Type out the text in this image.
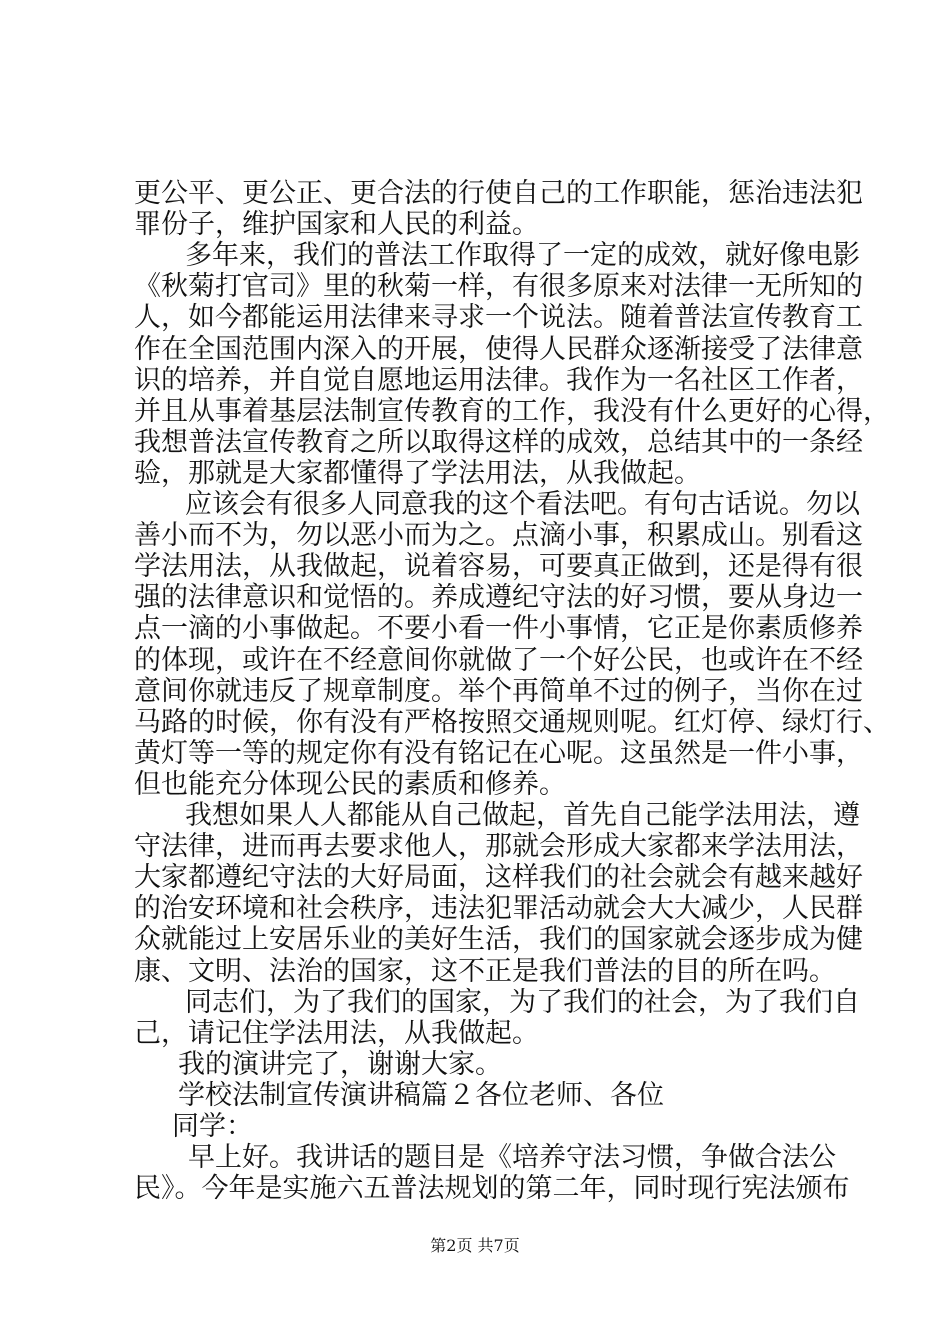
更公平、更公正、更合法的行使自己的工作职能，惩治违法犯

罪份子，维护国家和人民的利益。

多年来，我们的普法工作取得了一定的成效，就好像电影

《秋菊打官司》里的秋菊一样，有很多原来对法律一无所知的

人，如今都能运用法律来寻求一个说法。随着普法宣传教育工

作在全国范围内深入的开展，使得人民群众逐渐接受了法律意

识的培养，并自觉自愿地运用法律。我作为一名社区工作者，

并且从事着基层法制宣传教育的工作，我没有什么更好的心得，

我想普法宣传教育之所以取得这样的成效，总结其中的一条经

验，那就是大家都懂得了学法用法，从我做起。

应该会有很多人同意我的这个看法吧。有句古话说。勿以

善小而不为，勿以恶小而为之。点滴小事，积累成山。别看这

学法用法，从我做起，说着容易，可要真正做到，还是得有很

强的法律意识和觉悟的。养成遵纪守法的好习惯，要从身边一

点一滴的小事做起。不要小看一件小事情，它正是你素质修养

的体现，或许在不经意间你就做了一个好公民，也或许在不经

意间你就违反了规章制度。举个再简单不过的例子，当你在过

马路的时候，你有没有严格按照交通规则呢。红灯停、绿灯行、

黄灯等一等的规定你有没有铭记在心呢。这虽然是一件小事，

但也能充分体现公民的素质和修养。

我想如果人人都能从自己做起，首先自己能学法用法，遵

守法律，进而再去要求他人，那就会形成大家都来学法用法，

大家都遵纪守法的大好局面，这样我们的社会就会有越来越好

的治安环境和社会秩序，违法犯罪活动就会大大减少，人民群

众就能过上安居乐业的美好生活，我们的国家就会逐步成为健

康、文明、法治的国家，这不正是我们普法的目的所在吗。

同志们，为了我们的国家，为了我们的社会，为了我们自

己，请记住学法用法，从我做起。

我的演讲完了，谢谢大家。

学校法制宣传演讲稿篇２各位老师、各位

同学：

早上好。我讲话的题目是《培养守法习惯，争做合法公

民》。今年是实施六五普法规划的第二年，同时现行宪法颁布

第2页 共7页
